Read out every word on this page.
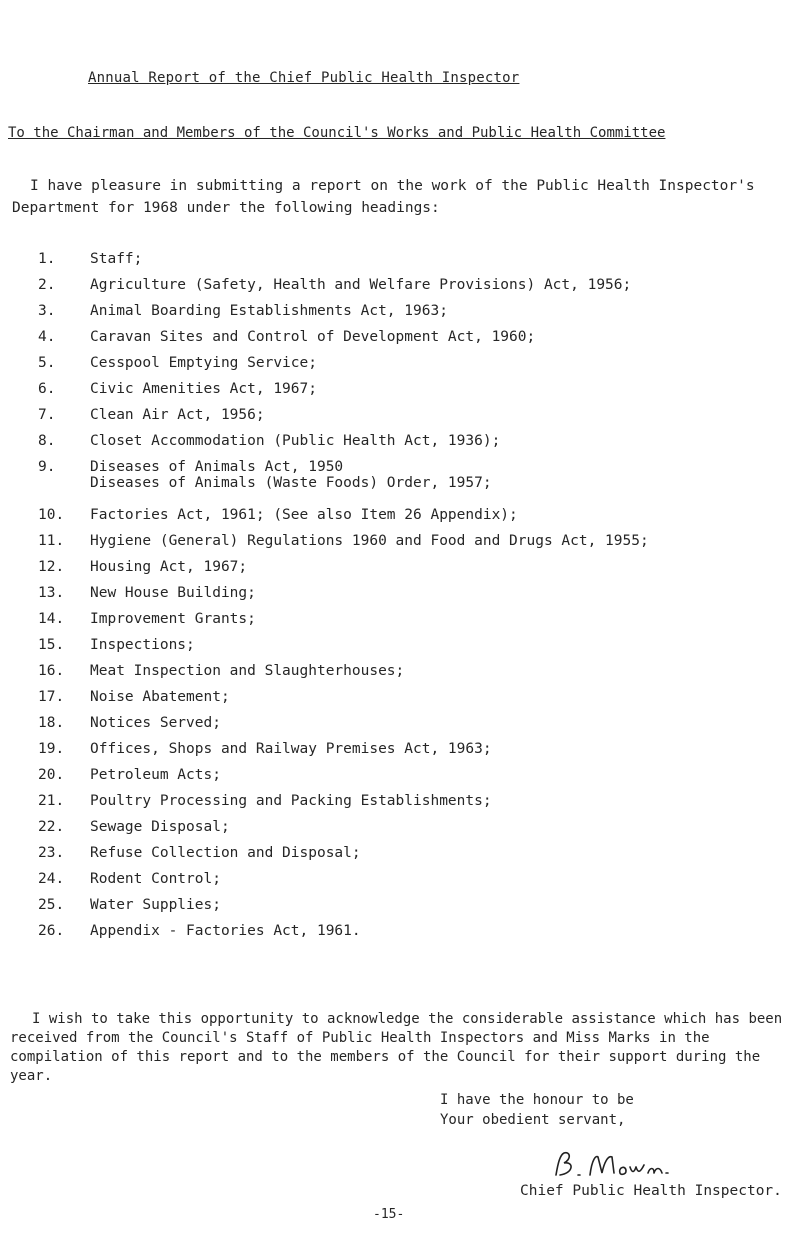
Annual Report of the Chief Public Health Inspector
To the Chairman and Members of the Council's Works and Public Health Committee
I have pleasure in submitting a report on the work of the Public Health Inspector's Department for 1968 under the following headings:
1.	Staff;
2.	Agriculture (Safety, Health and Welfare Provisions) Act, 1956;
3.	Animal Boarding Establishments Act, 1963;
4.	Caravan Sites and Control of Development Act, 1960;
5.	Cesspool Emptying Service;
6.	Civic Amenities Act, 1967;
7.	Clean Air Act, 1956;
8.	Closet Accommodation (Public Health Act, 1936);
9.	Diseases of Animals Act, 1950
Diseases of Animals (Waste Foods) Order, 1957;
10.	Factories Act, 1961; (See also Item 26 Appendix);
11.	Hygiene (General) Regulations 1960 and Food and Drugs Act, 1955;
12.	Housing Act, 1967;
13.	New House Building;
14.	Improvement Grants;
15.	Inspections;
16.	Meat Inspection and Slaughterhouses;
17.	Noise Abatement;
18.	Notices Served;
19.	Offices, Shops and Railway Premises Act, 1963;
20.	Petroleum Acts;
21.	Poultry Processing and Packing Establishments;
22.	Sewage Disposal;
23.	Refuse Collection and Disposal;
24.	Rodent Control;
25.	Water Supplies;
26.	Appendix - Factories Act, 1961.
I wish to take this opportunity to acknowledge the considerable assistance which has been received from the Council's Staff of Public Health Inspectors and Miss Marks in the compilation of this report and to the members of the Council for their support during the year.
I have the honour to be
Your obedient servant,
Chief Public Health Inspector.
-15-
